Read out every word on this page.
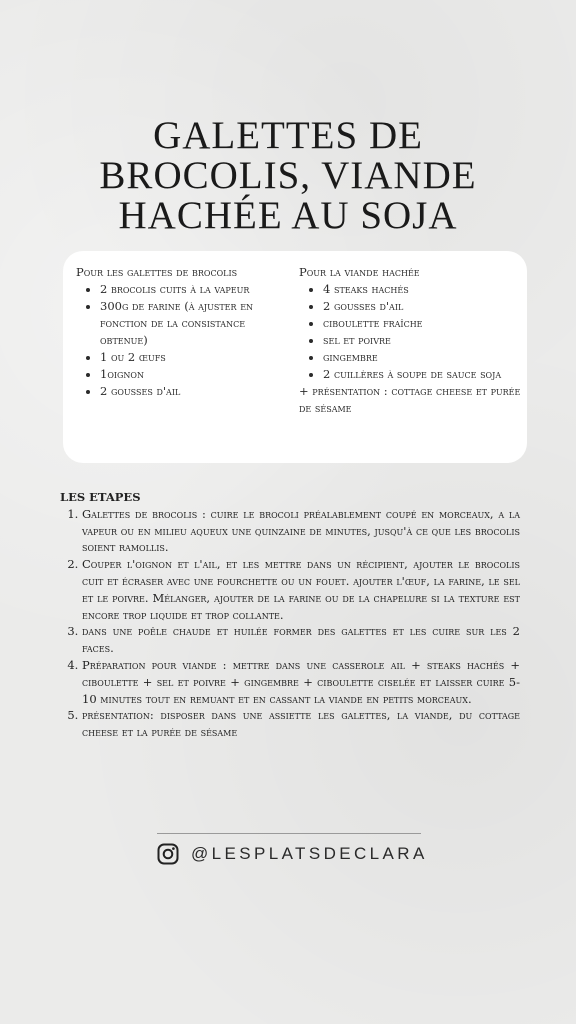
GALETTES DE
BROCOLIS, VIANDE
HACHÉE AU SOJA

Pour les galettes de brocolis

• 2 brocolis cuits à la vapeur
• 300g de farine (à ajuster en fonction de la consistance obtenue)
• 1 ou 2 œufs
• 1oignon
• 2 gousses d'ail

Pour la viande hachée

• 4 steaks hachés
• 2 gousses d'ail
• ciboulette fraîche
• sel et poivre
• gingembre
• 2 cuillères à soupe de sauce soja

+ présentation : cottage cheese et purée de sésame

LES ETAPES

1. Galettes de brocolis : cuire le brocoli préalablement coupé en morceaux, a la vapeur ou en milieu aqueux une quinzaine de minutes, jusqu'à ce que les brocolis soient ramollis.
2. Couper l'oignon et l'ail, et les mettre dans un récipient, ajouter le brocolis cuit et écraser avec une fourchette ou un fouet. ajouter l'œuf, la farine, le sel et le poivre. Mélanger, ajouter de la farine ou de la chapelure si la texture est encore trop liquide et trop collante.
3. dans une poêle chaude et huilée former des galettes et les cuire sur les 2 faces.
4. Préparation pour viande : mettre dans une casserole ail + steaks hachés + ciboulette + sel et poivre + gingembre + ciboulette ciselée et laisser cuire 5-10 minutes tout en remuant et en cassant la viande en petits morceaux.
5. présentation: disposer dans une assiette les galettes, la viande, du cottage cheese et la purée de sésame
@LESPLATSDECLARA
